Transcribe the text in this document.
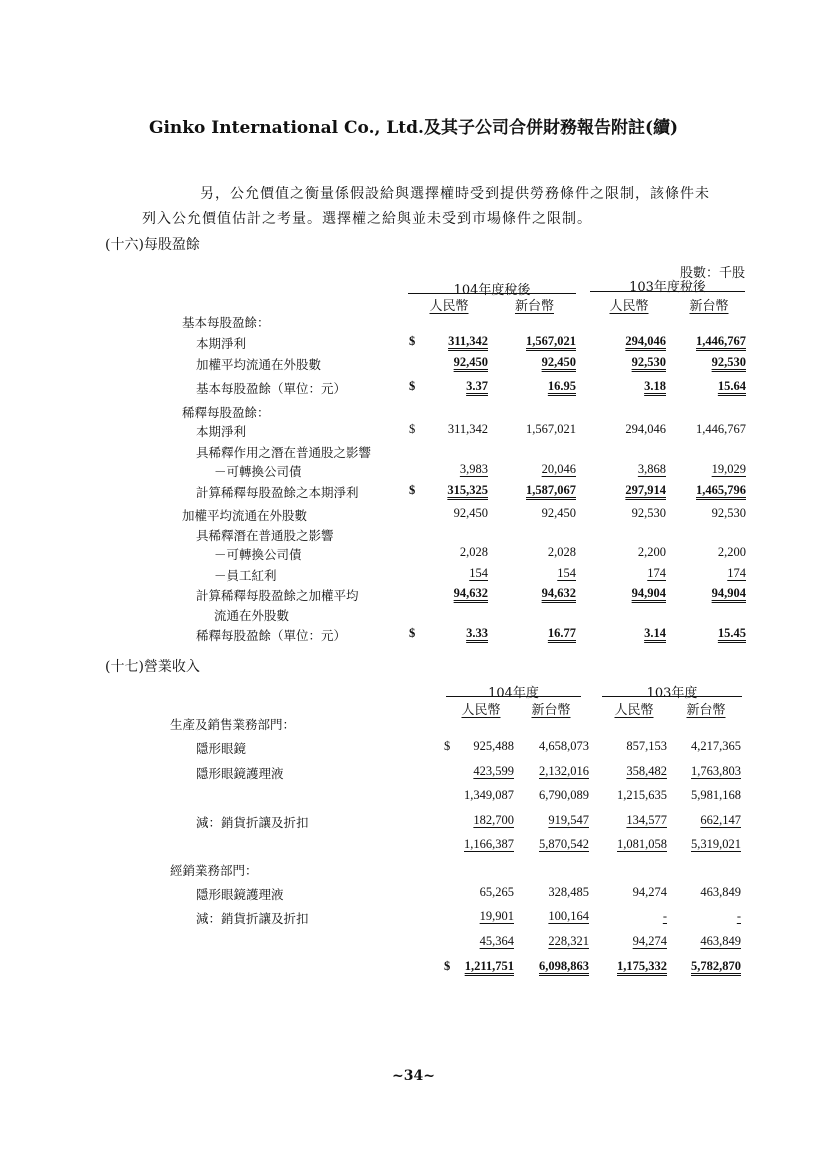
Ginko International Co., Ltd.及其子公司合併財務報告附註(續)
另，公允價值之衡量係假設給與選擇權時受到提供勞務條件之限制，該條件未
列入公允價值估計之考量。選擇權之給與並未受到市場條件之限制。
(十六)每股盈餘
股數：千股
104年度稅後	103年度稅後
人民幣	新台幣	人民幣	新台幣
基本每股盈餘：
本期淨利	$	311,342	1,567,021	294,046 1,446,767
加權平均流通在外股數	92,450	92,450	92,530	92,530
基本每股盈餘（單位：元）	$	3.37	16.95	3.18	15.64
稀釋每股盈餘：
本期淨利	$	311,342	1,567,021	294,046 1,446,767
具稀釋作用之潛在普通股之影響
－可轉換公司債	3,983	20,046	3,868	19,029
計算稀釋每股盈餘之本期淨利	$	315,325	1,587,067	297,914 1,465,796
加權平均流通在外股數	92,450	92,450	92,530	92,530
具稀釋潛在普通股之影響
－可轉換公司債	2,028	2,028	2,200	2,200
－員工紅利	154	154	174	174
計算稀釋每股盈餘之加權平均	94,632	94,632	94,904	94,904
流通在外股數
稀釋每股盈餘（單位：元）	$	3.33	16.77	3.14	15.45
(十七)營業收入
104年度	103年度
人民幣	新台幣	人民幣	新台幣
生產及銷售業務部門：
隱形眼鏡	$ 925,488 4,658,073	857,153 4,217,365
隱形眼鏡護理液	423,599 2,132,016	358,482 1,763,803
1,349,087 6,790,089 1,215,635 5,981,168
減：銷貨折讓及折扣	182,700	919,547	134,577	662,147
1,166,387 5,870,542 1,081,058 5,319,021
經銷業務部門：
隱形眼鏡護理液	65,265	328,485	94,274	463,849
減：銷貨折讓及折扣	19,901	100,164	-	-
45,364	228,321	94,274	463,849
$ 1,211,751 6,098,863 1,175,332 5,782,870
~34~
